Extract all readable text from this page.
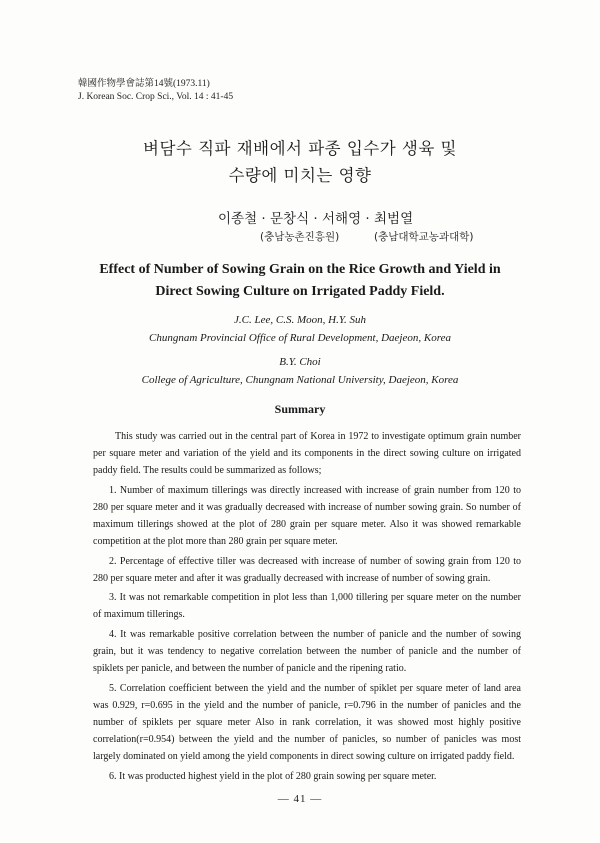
韓國作物學會誌第14號(1973.11)
J. Korean Soc. Crop Sci., Vol. 14 : 41-45
벼담수 직파 재배에서 파종 입수가 생육 및
수량에 미치는 영향
이종철 · 문창식 · 서해영 · 최범열
(충남농촌진흥원)	(충남대학교농과대학)
Effect of Number of Sowing Grain on the Rice Growth and Yield in
Direct Sowing Culture on Irrigated Paddy Field.
J.C. Lee, C.S. Moon, H.Y. Suh
Chungnam Provincial Office of Rural Development, Daejeon, Korea
B.Y. Choi
College of Agriculture, Chungnam National University, Daejeon, Korea
Summary

This study was carried out in the central part of Korea in 1972 to investigate optimum grain number per square meter and variation of the yield and its components in the direct sowing culture on irrigated paddy field. The results could be summarized as follows;

1. Number of maximum tillerings was directly increased with increase of grain number from 120 to 280 per square meter and it was gradually decreased with increase of number sowing grain. So number of maximum tillerings showed at the plot of 280 grain per square meter. Also it was showed remarkable competition at the plot more than 280 grain per square meter.

2. Percentage of effective tiller was decreased with increase of number of sowing grain from 120 to 280 per square meter and after it was gradually decreased with increase of number of sowing grain.

3. It was not remarkable competition in plot less than 1,000 tillering per square meter on the number of maximum tillerings.

4. It was remarkable positive correlation between the number of panicle and the number of sowing grain, but it was tendency to negative correlation between the number of panicle and the number of spiklets per panicle, and between the number of panicle and the ripening ratio.

5. Correlation coefficient between the yield and the number of spiklet per square meter of land area was 0.929, r=0.695 in the yield and the number of panicle, r=0.796 in the number of panicles and the number of spiklets per square meter Also in rank correlation, it was showed most highly positive correlation(r=0.954) between the yield and the number of panicles, so number of panicles was most largely dominated on yield among the yield components in direct sowing culture on irrigated paddy field.

6. It was producted highest yield in the plot of 280 grain sowing per square meter.

— 41 —
